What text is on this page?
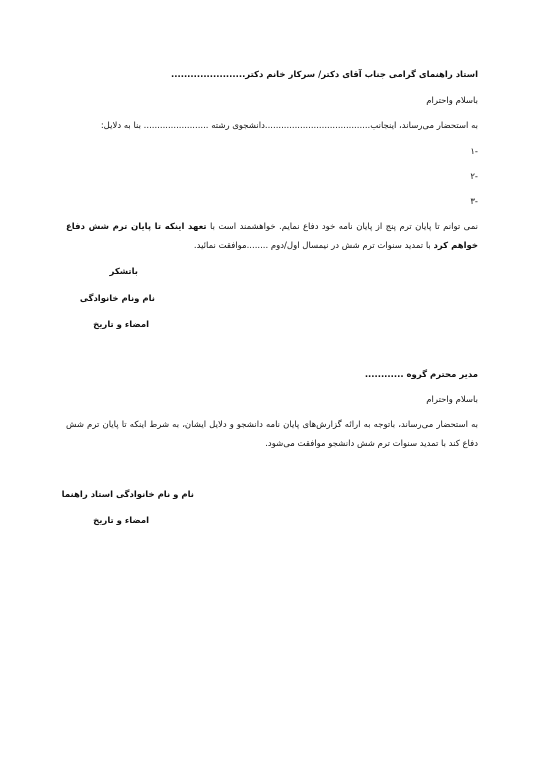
استاد راهنمای گرامی جناب آقای دکتر/ سرکار خانم دکتر.......................
باسلام واحترام
به استحضار می‌رساند، اینجانب.......................................دانشجوی رشته ........................ بنا به دلایل:
-۱
-۲
-۳
نمی توانم تا پایان ترم پنج از پایان نامه خود دفاع نمایم. خواهشمند است با تعهد اینکه تا پایان ترم شش دفاع خواهم کرد با تمدید سنوات ترم شش در نیمسال اول/دوم ........موافقت نمائید.
باتشکر
نام ونام خانوادگی
امضاء و تاریخ
مدیر محترم گروه ............
باسلام واحترام
به استحضار می‌رساند، باتوجه به ارائه گزارش‌های پایان نامه دانشجو و دلایل ایشان، به شرط اینکه تا پایان ترم شش دفاع کند با تمدید سنوات ترم شش دانشجو موافقت می‌شود.
نام و نام خانوادگی استاد راهنما
امضاء و تاریخ
